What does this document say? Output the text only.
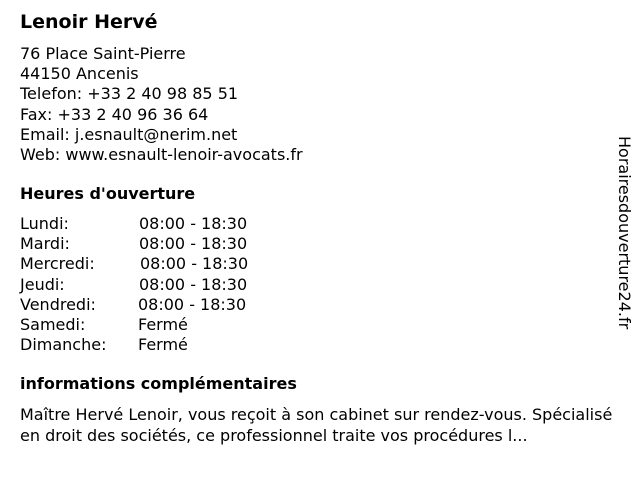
Lenoir Hervé
76 Place Saint-Pierre
44150 Ancenis
Telefon: +33 2 40 98 85 51
Fax: +33 2 40 96 36 64
Email: j.esnault@nerim.net
Web: www.esnault-lenoir-avocats.fr
Heures d'ouverture
Lundi:	08:00 - 18:30
Mardi:	08:00 - 18:30
Mercredi:	08:00 - 18:30
Jeudi:	08:00 - 18:30
Vendredi:	08:00 - 18:30
Samedi:	Fermé
Dimanche: Fermé
informations complémentaires
Maître Hervé Lenoir, vous reçoit à son cabinet sur rendez-vous. Spécialisé en droit des sociétés, ce professionnel traite vos procédures l...
Horairesdouverture24.fr
